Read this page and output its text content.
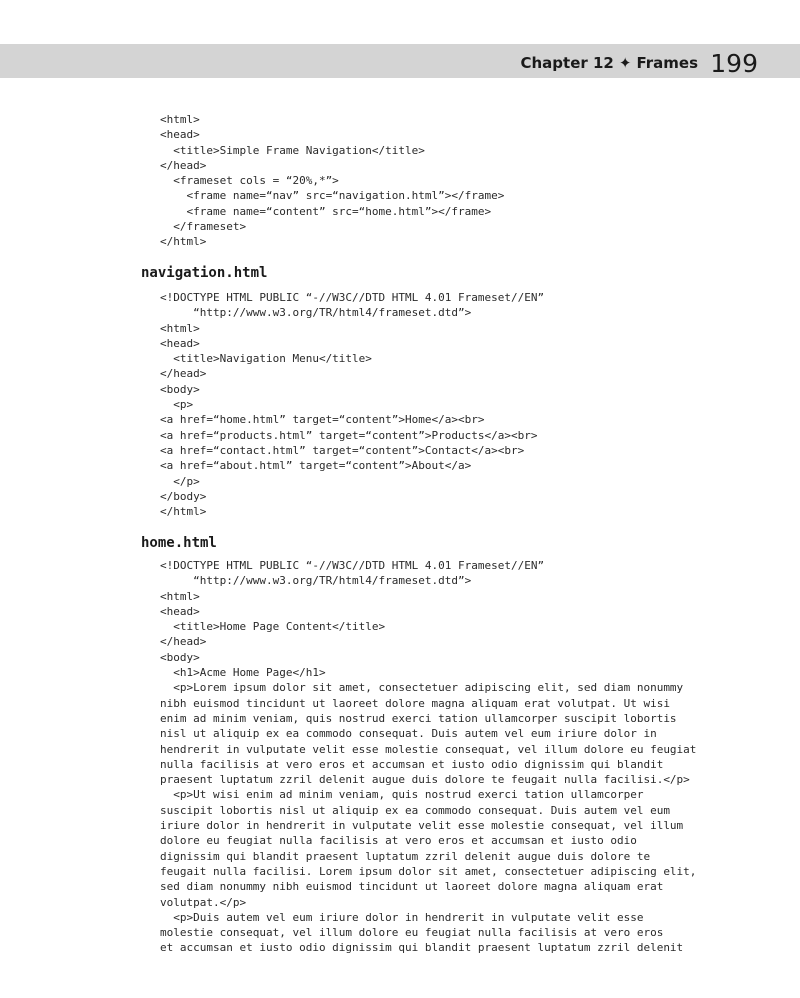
Chapter 12 ✦ Frames 199
<html>
<head>
<title>Simple Frame Navigation</title>
</head>
<frameset cols = “20%,*”>
<frame name=“nav” src=“navigation.html”></frame>
<frame name=“content” src=“home.html”></frame>
</frameset>
</html>

navigation.html
<!DOCTYPE HTML PUBLIC “-//W3C//DTD HTML 4.01 Frameset//EN”
“http://www.w3.org/TR/html4/frameset.dtd”>
<html>
<head>
<title>Navigation Menu</title>
</head>
<body>
<p>
<a href=“home.html” target=“content”>Home</a><br>
<a href=“products.html” target=“content”>Products</a><br>
<a href=“contact.html” target=“content”>Contact</a><br>
<a href=“about.html” target=“content”>About</a>
</p>
</body>
</html>

home.html
<!DOCTYPE HTML PUBLIC “-//W3C//DTD HTML 4.01 Frameset//EN”
“http://www.w3.org/TR/html4/frameset.dtd”>
<html>
<head>
<title>Home Page Content</title>
</head>
<body>
<h1>Acme Home Page</h1>
<p>Lorem ipsum dolor sit amet, consectetuer adipiscing elit, sed diam nonummy
nibh euismod tincidunt ut laoreet dolore magna aliquam erat volutpat. Ut wisi
enim ad minim veniam, quis nostrud exerci tation ullamcorper suscipit lobortis
nisl ut aliquip ex ea commodo consequat. Duis autem vel eum iriure dolor in
hendrerit in vulputate velit esse molestie consequat, vel illum dolore eu feugiat
nulla facilisis at vero eros et accumsan et iusto odio dignissim qui blandit
praesent luptatum zzril delenit augue duis dolore te feugait nulla facilisi.</p>
<p>Ut wisi enim ad minim veniam, quis nostrud exerci tation ullamcorper
suscipit lobortis nisl ut aliquip ex ea commodo consequat. Duis autem vel eum
iriure dolor in hendrerit in vulputate velit esse molestie consequat, vel illum
dolore eu feugiat nulla facilisis at vero eros et accumsan et iusto odio
dignissim qui blandit praesent luptatum zzril delenit augue duis dolore te
feugait nulla facilisi. Lorem ipsum dolor sit amet, consectetuer adipiscing elit,
sed diam nonummy nibh euismod tincidunt ut laoreet dolore magna aliquam erat
volutpat.</p>
<p>Duis autem vel eum iriure dolor in hendrerit in vulputate velit esse
molestie consequat, vel illum dolore eu feugiat nulla facilisis at vero eros
et accumsan et iusto odio dignissim qui blandit praesent luptatum zzril delenit
